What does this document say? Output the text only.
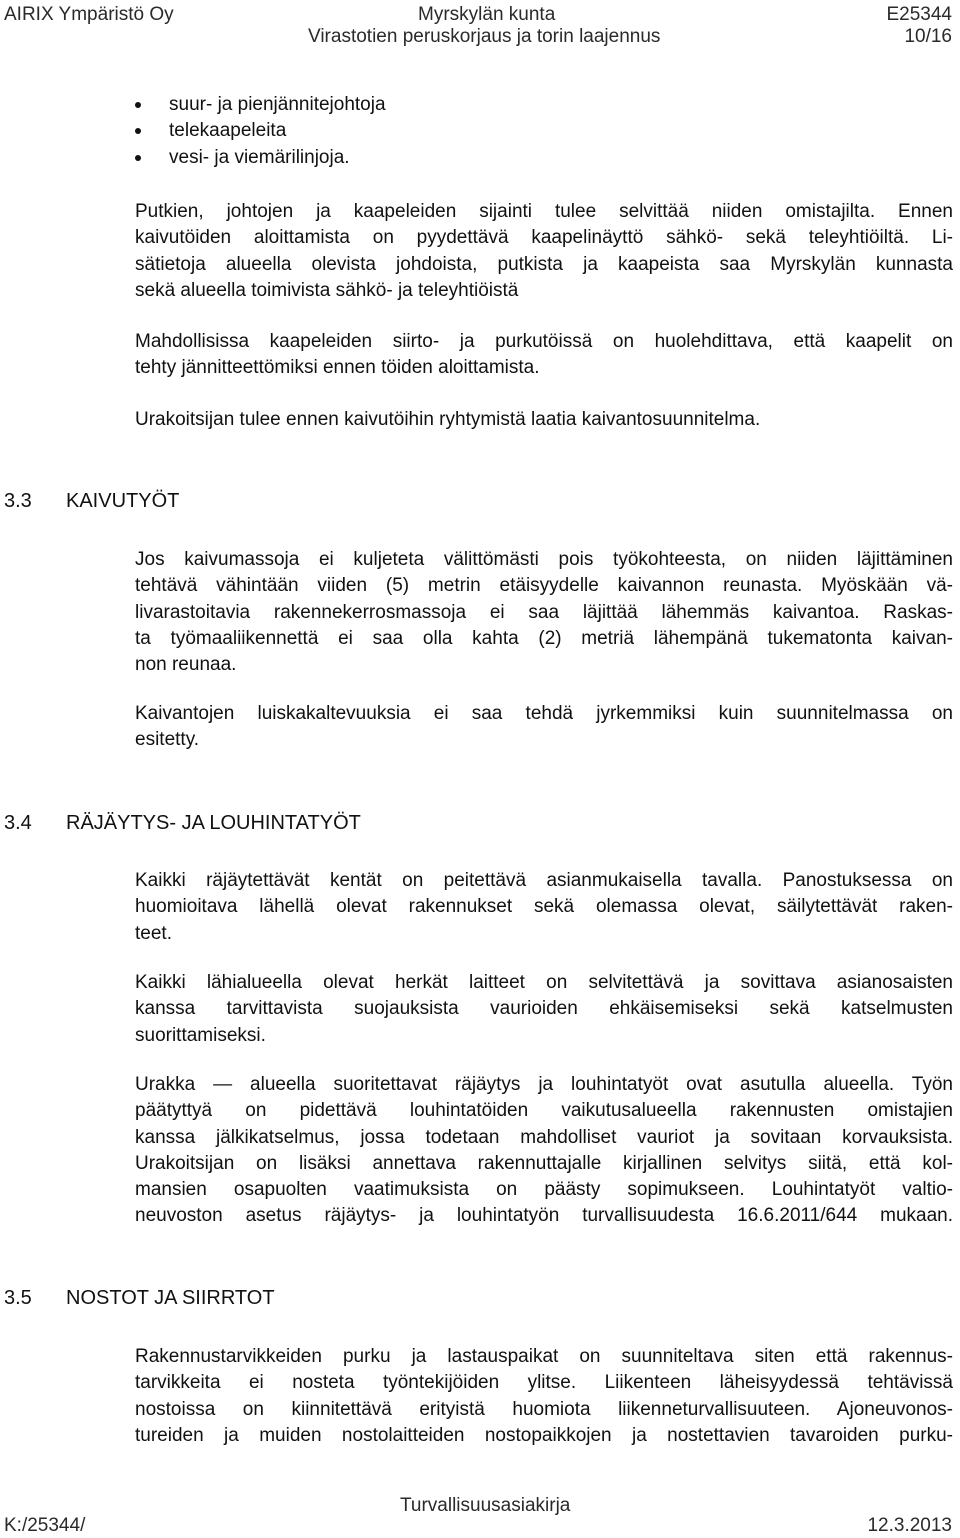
AIRIX Ympäristö Oy	Myrskylän kunta	E25344
Virastotien peruskorjaus ja torin laajennus	10/16
suur- ja pienjännitejohtoja
telekaapeleita
vesi- ja viemärilinjoja.
Putkien, johtojen ja kaapeleiden sijainti tulee selvittää niiden omistajilta. Ennen
kaivutöiden aloittamista on pyydettävä kaapelinäyttö sähkö- sekä teleyhtiöiltä. Li-
sätietoja alueella olevista johdoista, putkista ja kaapeista saa Myrskylän kunnasta
sekä alueella toimivista sähkö- ja teleyhtiöistä
Mahdollisissa kaapeleiden siirto- ja purkutöissä on huolehdittava, että kaapelit on
tehty jännitteettömiksi ennen töiden aloittamista.
Urakoitsijan tulee ennen kaivutöihin ryhtymistä laatia kaivantosuunnitelma.
3.3 KAIVUTYÖT
Jos kaivumassoja ei kuljeteta välittömästi pois työkohteesta, on niiden läjittäminen
tehtävä vähintään viiden (5) metrin etäisyydelle kaivannon reunasta. Myöskään vä-
livarastoitavia rakennekerrosmassoja ei saa läjittää lähemmäs kaivantoa. Raskas-
ta työmaaliikennettä ei saa olla kahta (2) metriä lähempänä tukematonta kaivan-
non reunaa.
Kaivantojen luiskakaltevuuksia ei saa tehdä jyrkemmiksi kuin suunnitelmassa on
esitetty.
3.4 RÄJÄYTYS- JA LOUHINTATYÖT
Kaikki räjäytettävät kentät on peitettävä asianmukaisella tavalla. Panostuksessa on
huomioitava lähellä olevat rakennukset sekä olemassa olevat, säilytettävät raken-
teet.
Kaikki lähialueella olevat herkät laitteet on selvitettävä ja sovittava asianosaisten
kanssa tarvittavista suojauksista vaurioiden ehkäisemiseksi sekä katselmusten
suorittamiseksi.
Urakka — alueella suoritettavat räjäytys ja louhintatyöt ovat asutulla alueella. Työn
päätyttyä on pidettävä louhintatöiden vaikutusalueella rakennusten omistajien
kanssa jälkikatselmus, jossa todetaan mahdolliset vauriot ja sovitaan korvauksista.
Urakoitsijan on lisäksi annettava rakennuttajalle kirjallinen selvitys siitä, että kol-
mansien osapuolten vaatimuksista on päästy sopimukseen. Louhintatyöt valtio-
neuvoston asetus räjäytys- ja louhintatyön turvallisuudesta 16.6.2011/644 mukaan.
3.5 NOSTOT JA SIIRRTOT
Rakennustarvikkeiden purku ja lastauspaikat on suunniteltava siten että rakennus-
tarvikkeita ei nosteta työntekijöiden ylitse. Liikenteen läheisyydessä tehtävissä
nostoissa on kiinnitettävä erityistä huomiota liikenneturvallisuuteen. Ajoneuvonos-
tureiden ja muiden nostolaitteiden nostopaikkojen ja nostettavien tavaroiden purku-
Turvallisuusasiakirja
K:/25344/	12.3.2013
